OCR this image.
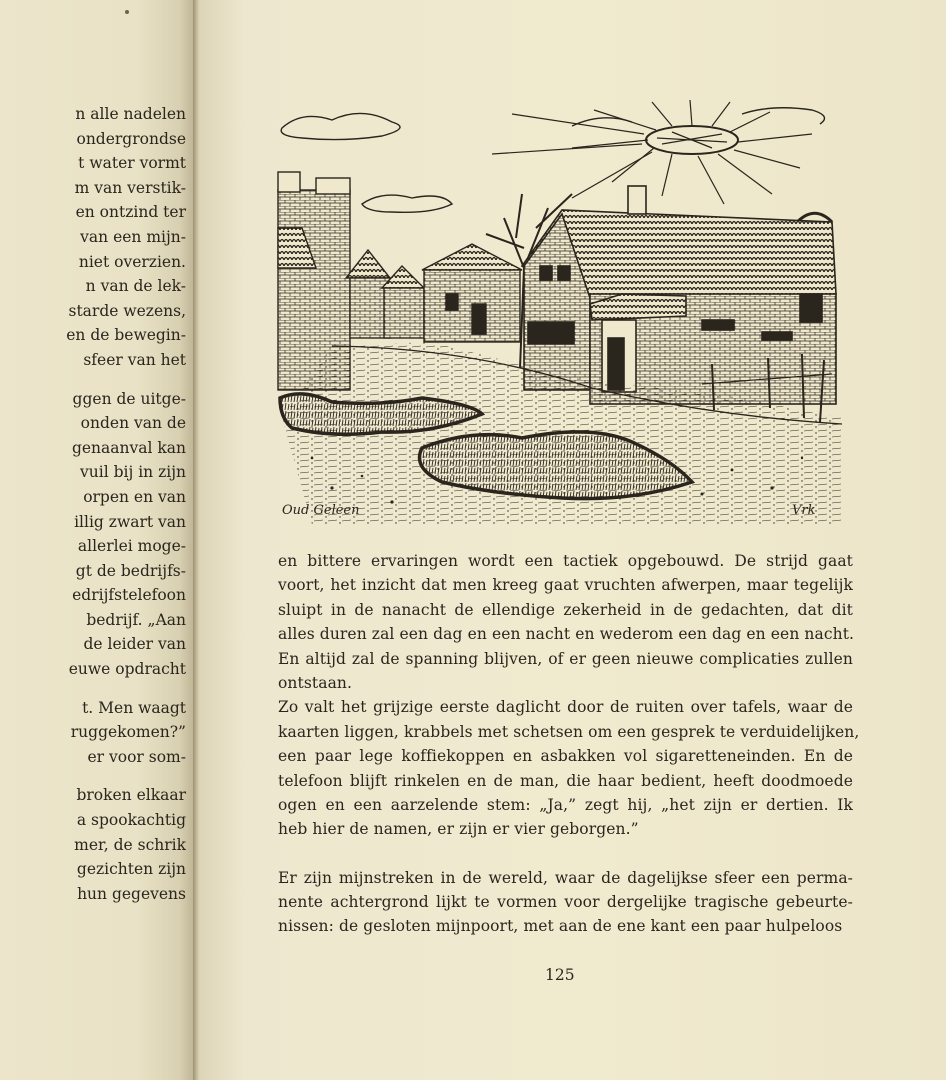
n alle nadelen
ondergrondse
t water vormt
m van verstik-
en ontzind ter
van een mijn-
niet overzien.
n van de lek-
starde wezens,
en de bewegin-
sfeer van het
ggen de uitge-
onden van de
genaanval kan
vuil bij in zijn
orpen en van
illig zwart van
allerlei moge-
gt de bedrijfs-
edrijfstelefoon
bedrijf. „Aan
de leider van
euwe opdracht
t. Men waagt
ruggekomen?”
er voor som-
broken elkaar
a spookachtig
mer, de schrik
gezichten zijn
hun gegevens
Oud Geleen	Vrk
en bittere ervaringen wordt een tactiek opgebouwd. De strijd gaat
voort, het inzicht dat men kreeg gaat vruchten afwerpen, maar tegelijk
sluipt in de nanacht de ellendige zekerheid in de gedachten, dat dit
alles duren zal een dag en een nacht en wederom een dag en een nacht.
En altijd zal de spanning blijven, of er geen nieuwe complicaties zullen
ontstaan.
Zo valt het grijzige eerste daglicht door de ruiten over tafels, waar de
kaarten liggen, krabbels met schetsen om een gesprek te verduidelijken,
een paar lege koffiekoppen en asbakken vol sigaretteneinden. En de
telefoon blijft rinkelen en de man, die haar bedient, heeft doodmoede
ogen en een aarzelende stem: „Ja,” zegt hij, „het zijn er dertien. Ik
heb hier de namen, er zijn er vier geborgen.”
Er zijn mijnstreken in de wereld, waar de dagelijkse sfeer een perma-
nente achtergrond lijkt te vormen voor dergelijke tragische gebeurte-
nissen: de gesloten mijnpoort, met aan de ene kant een paar hulpeloos
125
